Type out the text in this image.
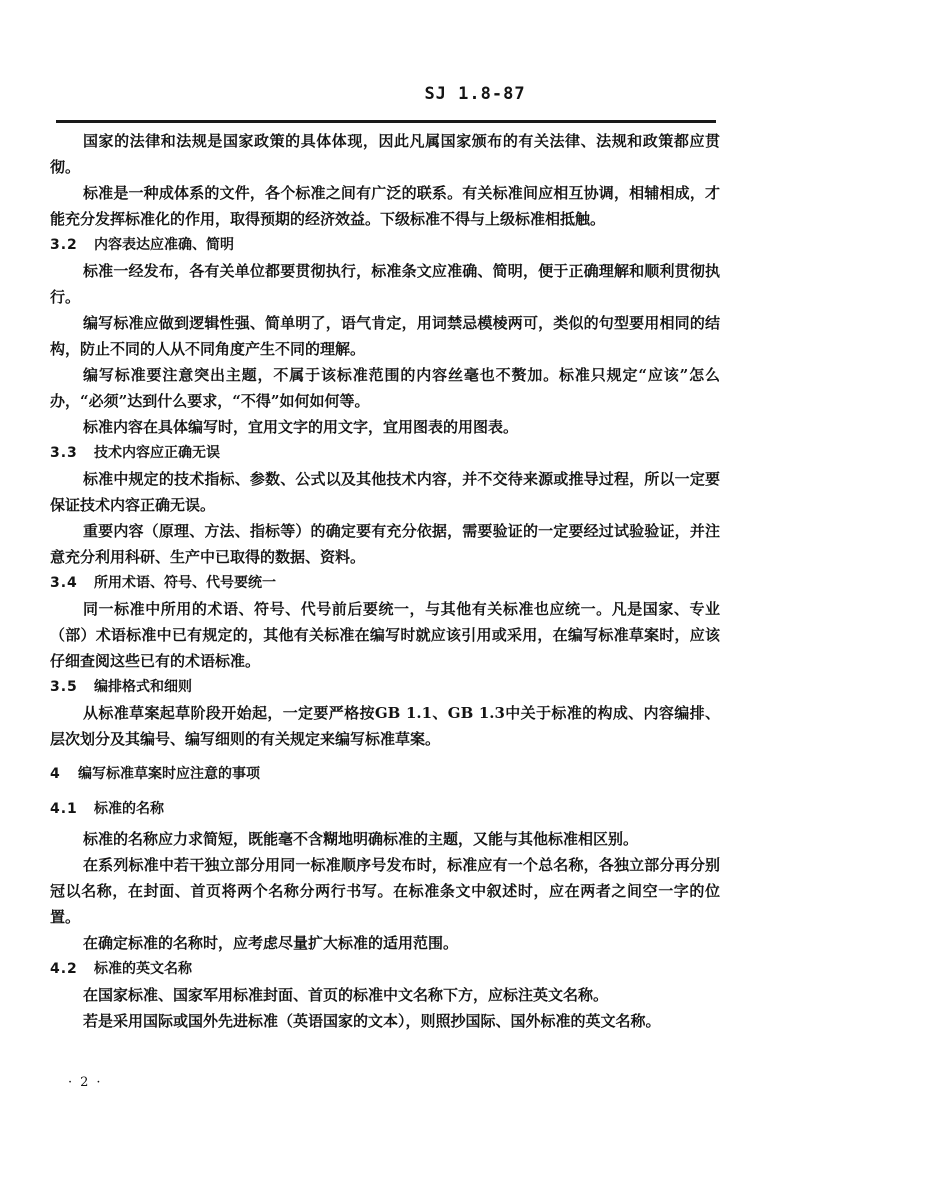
SJ 1.8-87

国家的法律和法规是国家政策的具体体现，因此凡属国家颁布的有关法律、法规和政策都应贯彻。

标准是一种成体系的文件，各个标准之间有广泛的联系。有关标准间应相互协调，相辅相成，才能充分发挥标准化的作用，取得预期的经济效益。下级标准不得与上级标准相抵触。

3.2 内容表达应准确、简明

标准一经发布，各有关单位都要贯彻执行，标准条文应准确、简明，便于正确理解和顺利贯彻执行。

编写标准应做到逻辑性强、简单明了，语气肯定，用词禁忌模棱两可，类似的句型要用相同的结构，防止不同的人从不同角度产生不同的理解。

编写标准要注意突出主题，不属于该标准范围的内容丝毫也不赘加。标准只规定“应该”怎么办，“必须”达到什么要求，“不得”如何如何等。

标准内容在具体编写时，宜用文字的用文字，宜用图表的用图表。

3.3 技术内容应正确无误

标准中规定的技术指标、参数、公式以及其他技术内容，并不交待来源或推导过程，所以一定要保证技术内容正确无误。

重要内容（原理、方法、指标等）的确定要有充分依据，需要验证的一定要经过试验验证，并注意充分利用科研、生产中已取得的数据、资料。

3.4 所用术语、符号、代号要统一

同一标准中所用的术语、符号、代号前后要统一，与其他有关标准也应统一。凡是国家、专业（部）术语标准中已有规定的，其他有关标准在编写时就应该引用或采用，在编写标准草案时，应该仔细查阅这些已有的术语标准。

3.5 编排格式和细则

从标准草案起草阶段开始起，一定要严格按GB 1.1、GB 1.3中关于标准的构成、内容编排、层次划分及其编号、编写细则的有关规定来编写标准草案。

4 编写标准草案时应注意的事项
4.1 标准的名称

标准的名称应力求简短，既能毫不含糊地明确标准的主题，又能与其他标准相区别。

在系列标准中若干独立部分用同一标准顺序号发布时，标准应有一个总名称，各独立部分再分别冠以名称，在封面、首页将两个名称分两行书写。在标准条文中叙述时，应在两者之间空一字的位置。

在确定标准的名称时，应考虑尽量扩大标准的适用范围。

4.2 标准的英文名称

在国家标准、国家军用标准封面、首页的标准中文名称下方，应标注英文名称。

若是采用国际或国外先进标准（英语国家的文本），则照抄国际、国外标准的英文名称。

·2·
